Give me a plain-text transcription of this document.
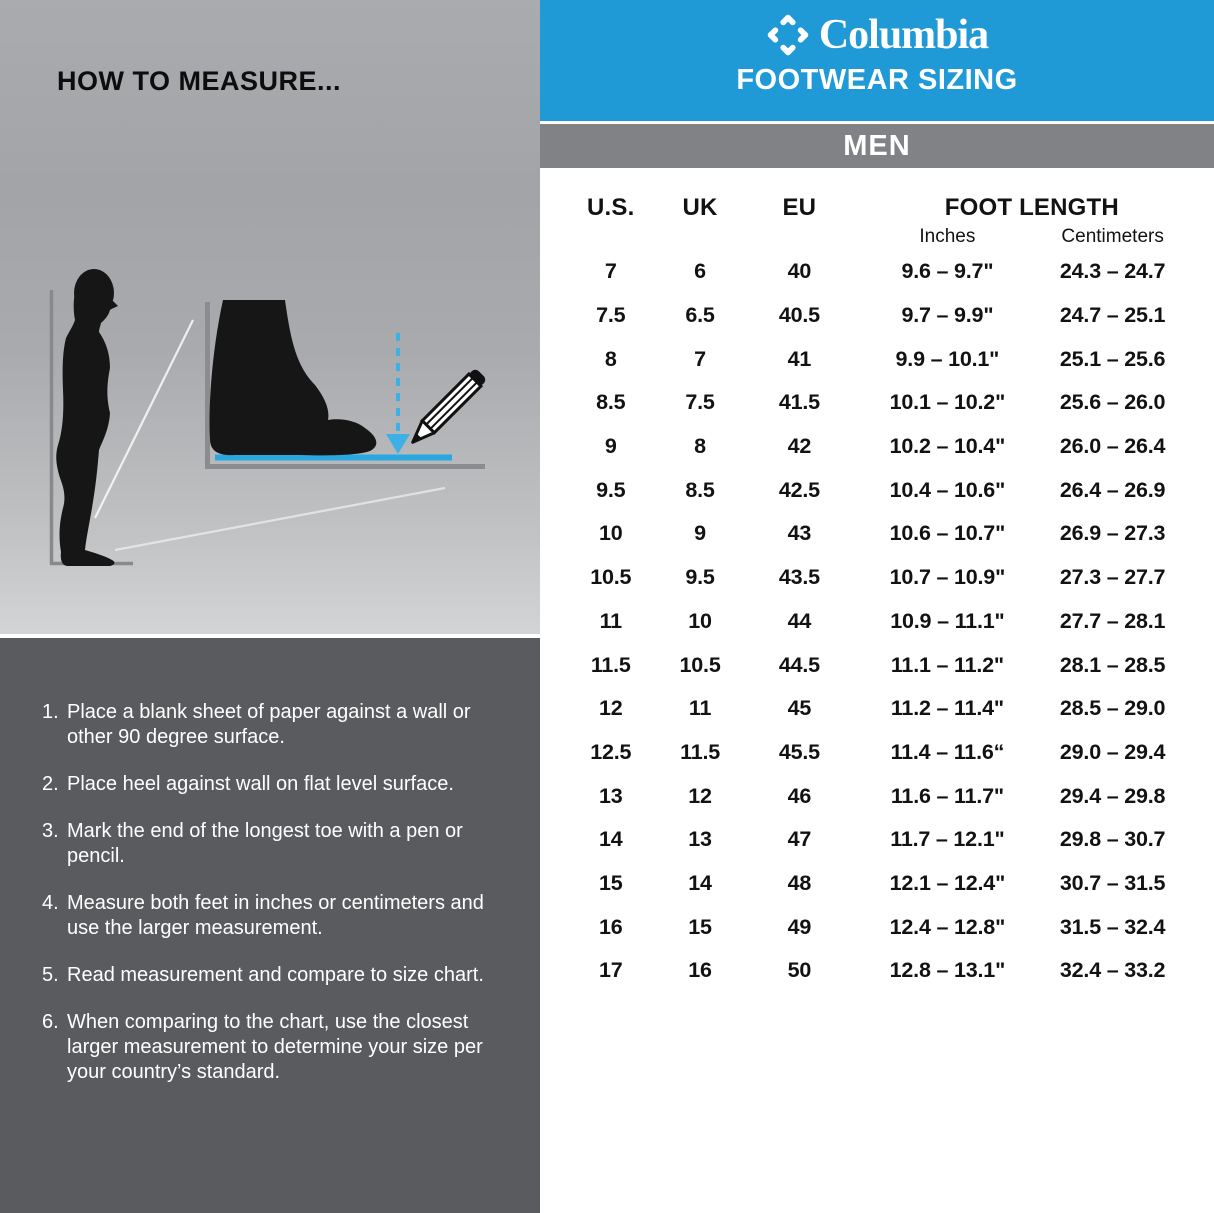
HOW TO MEASURE...
1. Place a blank sheet of paper against a wall or other 90 degree surface.
2. Place heel against wall on flat level surface.
3. Mark the end of the longest toe with a pen or pencil.
4. Measure both feet in inches or centimeters and use the larger measurement.
5. Read measurement and compare to size chart.
6. When comparing to the chart, use the closest larger measurement to determine your size per your country’s standard.
Columbia
FOOTWEAR SIZING
MEN
U.S.	UK	EU	FOOT LENGTH
Inches	Centimeters
7	6	40	9.6 – 9.7"	24.3 – 24.7
7.5	6.5	40.5	9.7 – 9.9"	24.7 – 25.1
8	7	41	9.9 – 10.1"	25.1 – 25.6
8.5	7.5	41.5	10.1 – 10.2"	25.6 – 26.0
9	8	42	10.2 – 10.4"	26.0 – 26.4
9.5	8.5	42.5	10.4 – 10.6"	26.4 – 26.9
10	9	43	10.6 – 10.7"	26.9 – 27.3
10.5	9.5	43.5	10.7 – 10.9"	27.3 – 27.7
11	10	44	10.9 – 11.1"	27.7 – 28.1
11.5	10.5	44.5	11.1 – 11.2"	28.1 – 28.5
12	11	45	11.2 – 11.4"	28.5 – 29.0
12.5	11.5	45.5	11.4 – 11.6“	29.0 – 29.4
13	12	46	11.6 – 11.7"	29.4 – 29.8
14	13	47	11.7 – 12.1"	29.8 – 30.7
15	14	48	12.1 – 12.4"	30.7 – 31.5
16	15	49	12.4 – 12.8"	31.5 – 32.4
17	16	50	12.8 – 13.1"	32.4 – 33.2
